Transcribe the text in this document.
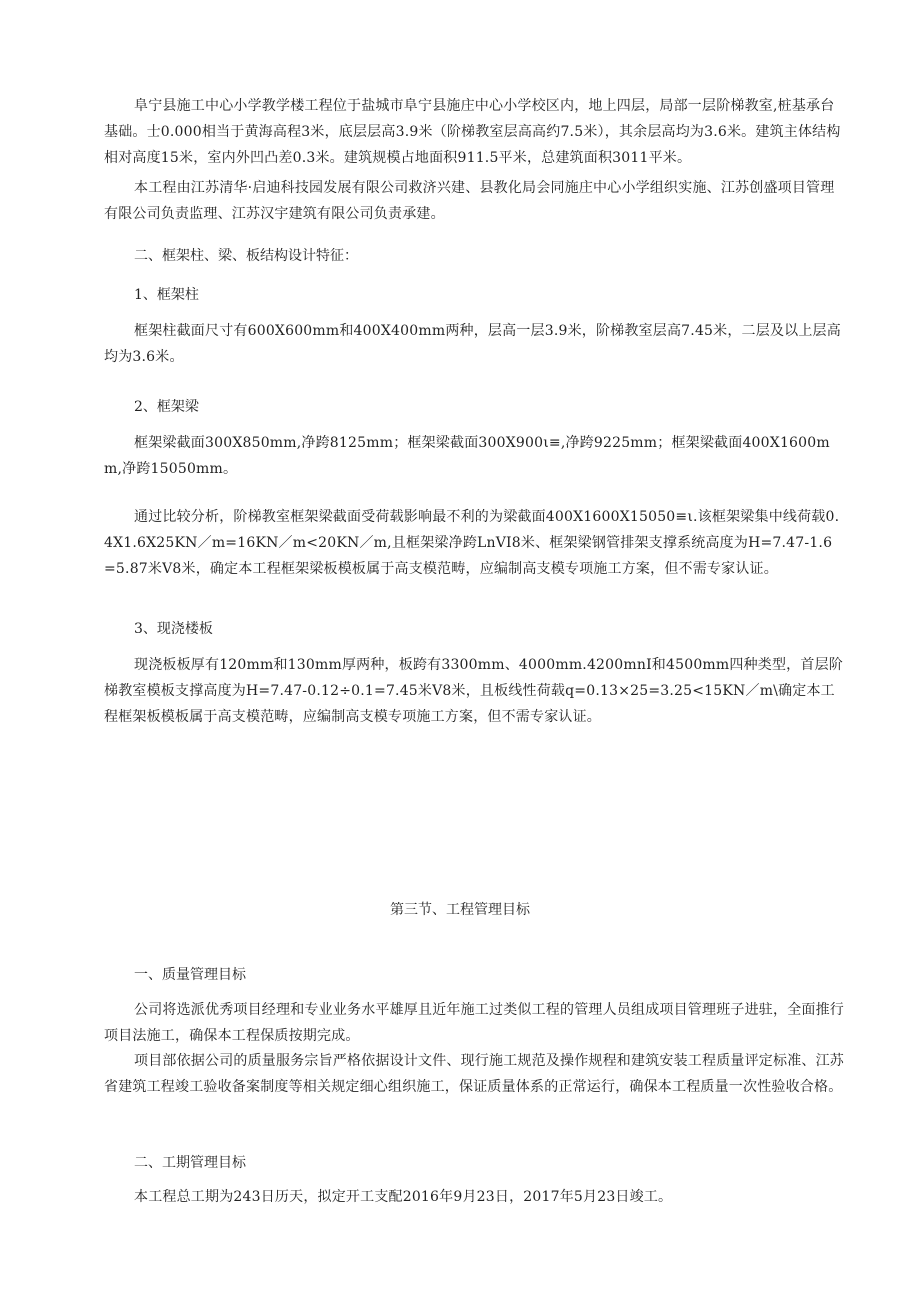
阜宁县施工中心小学教学楼工程位于盐城市阜宁县施庄中心小学校区内，地上四层，局部一层阶梯教室,桩基承台基础。士0.000相当于黄海高程3米，底层层高3.9米（阶梯教室层高高约7.5米），其余层高均为3.6米。建筑主体结构相对高度15米，室内外凹凸差0.3米。建筑规模占地面积911.5平米，总建筑面积3011平米。

本工程由江苏清华·启迪科技园发展有限公司救济兴建、县教化局会同施庄中心小学组织实施、江苏创盛项目管理有限公司负责监理、江苏汉宇建筑有限公司负责承建。

二、框架柱、梁、板结构设计特征：

1、框架柱

框架柱截面尺寸有600X600mm和400X400mm两种，层高一层3.9米，阶梯教室层高7.45米，二层及以上层高均为3.6米。

2、框架梁

框架梁截面300X850mm,净跨8125mm；框架梁截面300X900ι≡,净跨9225mm；框架梁截面400X1600mm,净跨15050mm。

通过比较分析，阶梯教室框架梁截面受荷载影响最不利的为梁截面400X1600X15050≡ι.该框架梁集中线荷载0.4X1.6X25KN／m=16KN／m<20KN／m,且框架梁净跨LnVI8米、框架梁钢管排架支撑系统高度为H=7.47-1.6=5.87米V8米，确定本工程框架梁板模板属于高支模范畴，应编制高支模专项施工方案，但不需专家认证。

3、现浇楼板

现浇板板厚有120mm和130mm厚两种，板跨有3300mm、4000mm.4200mnI和4500mm四种类型，首层阶梯教室模板支撑高度为H=7.47-0.12÷0.1=7.45米V8米，且板线性荷载q=0.13×25=3.25<15KN／m\确定本工程框架板模板属于高支模范畴，应编制高支模专项施工方案，但不需专家认证。

第三节、工程管理目标

一、质量管理目标

公司将选派优秀项目经理和专业业务水平雄厚且近年施工过类似工程的管理人员组成项目管理班子进驻，全面推行项目法施工，确保本工程保质按期完成。

项目部依据公司的质量服务宗旨严格依据设计文件、现行施工规范及操作规程和建筑安装工程质量评定标准、江苏省建筑工程竣工验收备案制度等相关规定细心组织施工，保证质量体系的正常运行，确保本工程质量一次性验收合格。

二、工期管理目标

本工程总工期为243日历天，拟定开工支配2016年9月23日，2017年5月23日竣工。
